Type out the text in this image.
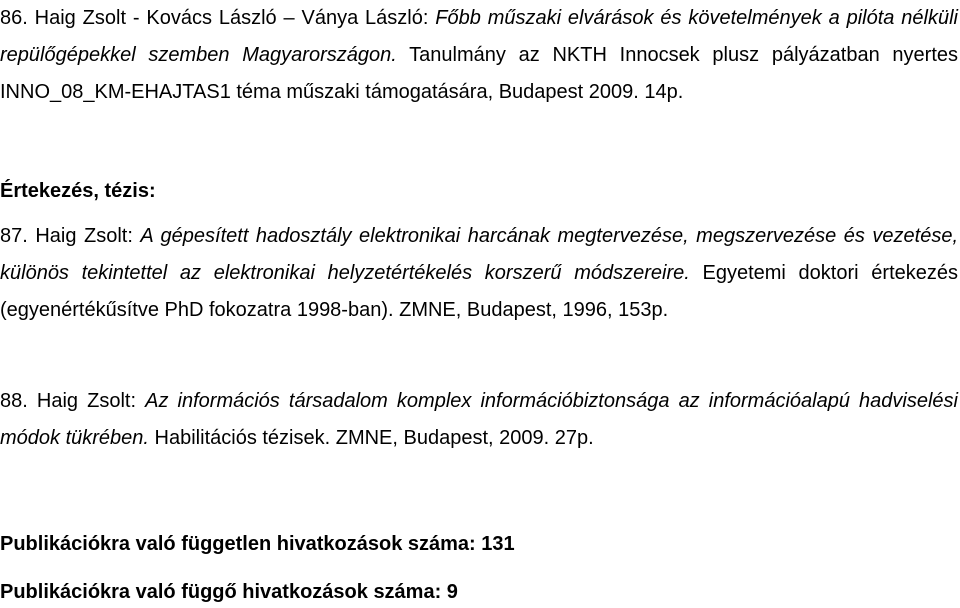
86. Haig Zsolt - Kovács László – Ványa László: Főbb műszaki elvárások és követelmények a pilóta nélküli repülőgépekkel szemben Magyarországon. Tanulmány az NKTH Innocsek plusz pályázatban nyertes INNO_08_KM-EHAJTAS1 téma műszaki támogatására, Budapest 2009. 14p.
Értekezés, tézis:
87. Haig Zsolt: A gépesített hadosztály elektronikai harcának megtervezése, megszervezése és vezetése, különös tekintettel az elektronikai helyzetértékelés korszerű módszereire. Egyetemi doktori értekezés (egyenértékűsítve PhD fokozatra 1998-ban). ZMNE, Budapest, 1996, 153p.
88. Haig Zsolt: Az információs társadalom komplex információbiztonsága az információalapú hadviselési módok tükrében. Habilitációs tézisek. ZMNE, Budapest, 2009. 27p.
Publikációkra való független hivatkozások száma: 131
Publikációkra való függő hivatkozások száma: 9
